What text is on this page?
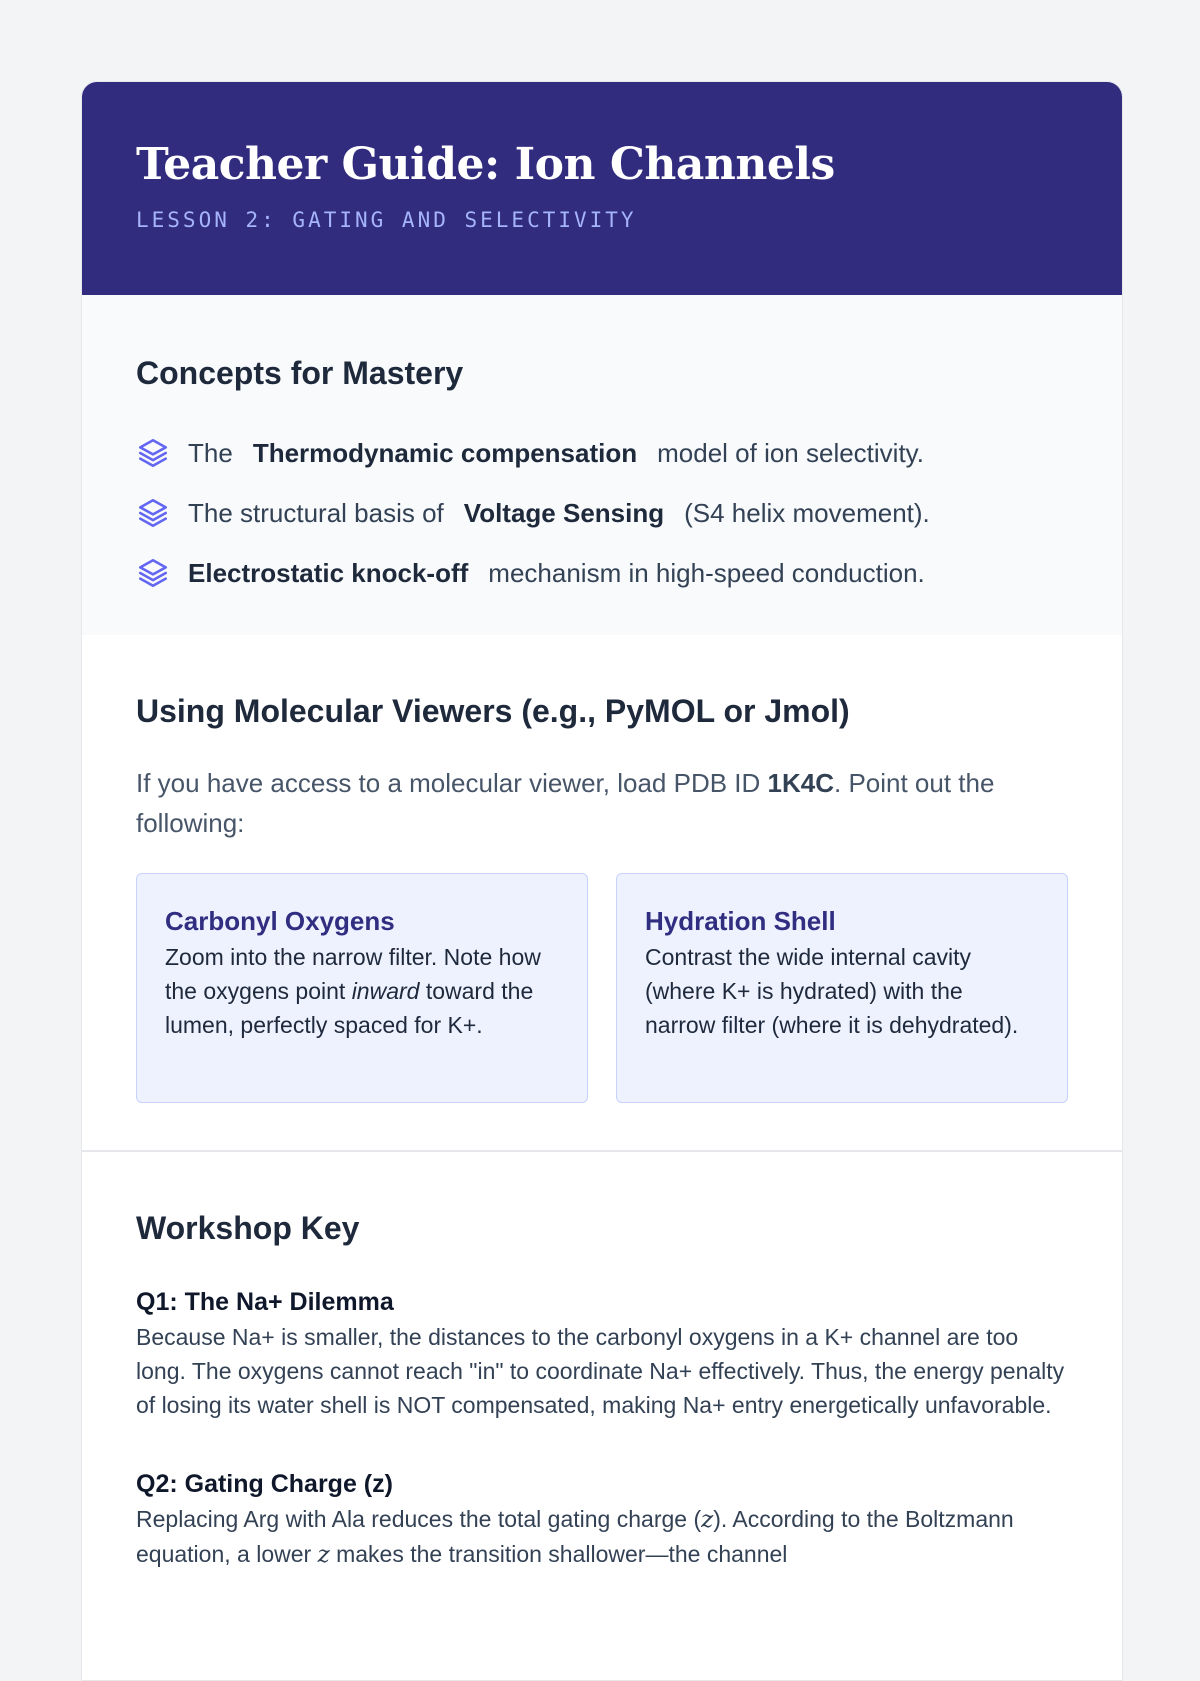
Teacher Guide: Ion Channels
LESSON 2: GATING AND SELECTIVITY
Concepts for Mastery
The Thermodynamic compensation model of ion selectivity.
The structural basis of Voltage Sensing (S4 helix movement).
Electrostatic knock-off mechanism in high-speed conduction.
Using Molecular Viewers (e.g., PyMOL or Jmol)

If you have access to a molecular viewer, load PDB ID 1K4C. Point out the following:

Carbonyl Oxygens

Zoom into the narrow filter. Note how the oxygens point inward toward the lumen, perfectly spaced for K+.

Hydration Shell

Contrast the wide internal cavity (where K+ is hydrated) with the narrow filter (where it is dehydrated).

Workshop Key
Q1: The Na+ Dilemma

Because Na+ is smaller, the distances to the carbonyl oxygens in a K+ channel are too long. The oxygens cannot reach "in" to coordinate Na+ effectively. Thus, the energy penalty of losing its water shell is NOT compensated, making Na+ entry energetically unfavorable.

Q2: Gating Charge (z)

Replacing Arg with Ala reduces the total gating charge (z). According to the Boltzmann equation, a lower z makes the transition shallower—the channel
